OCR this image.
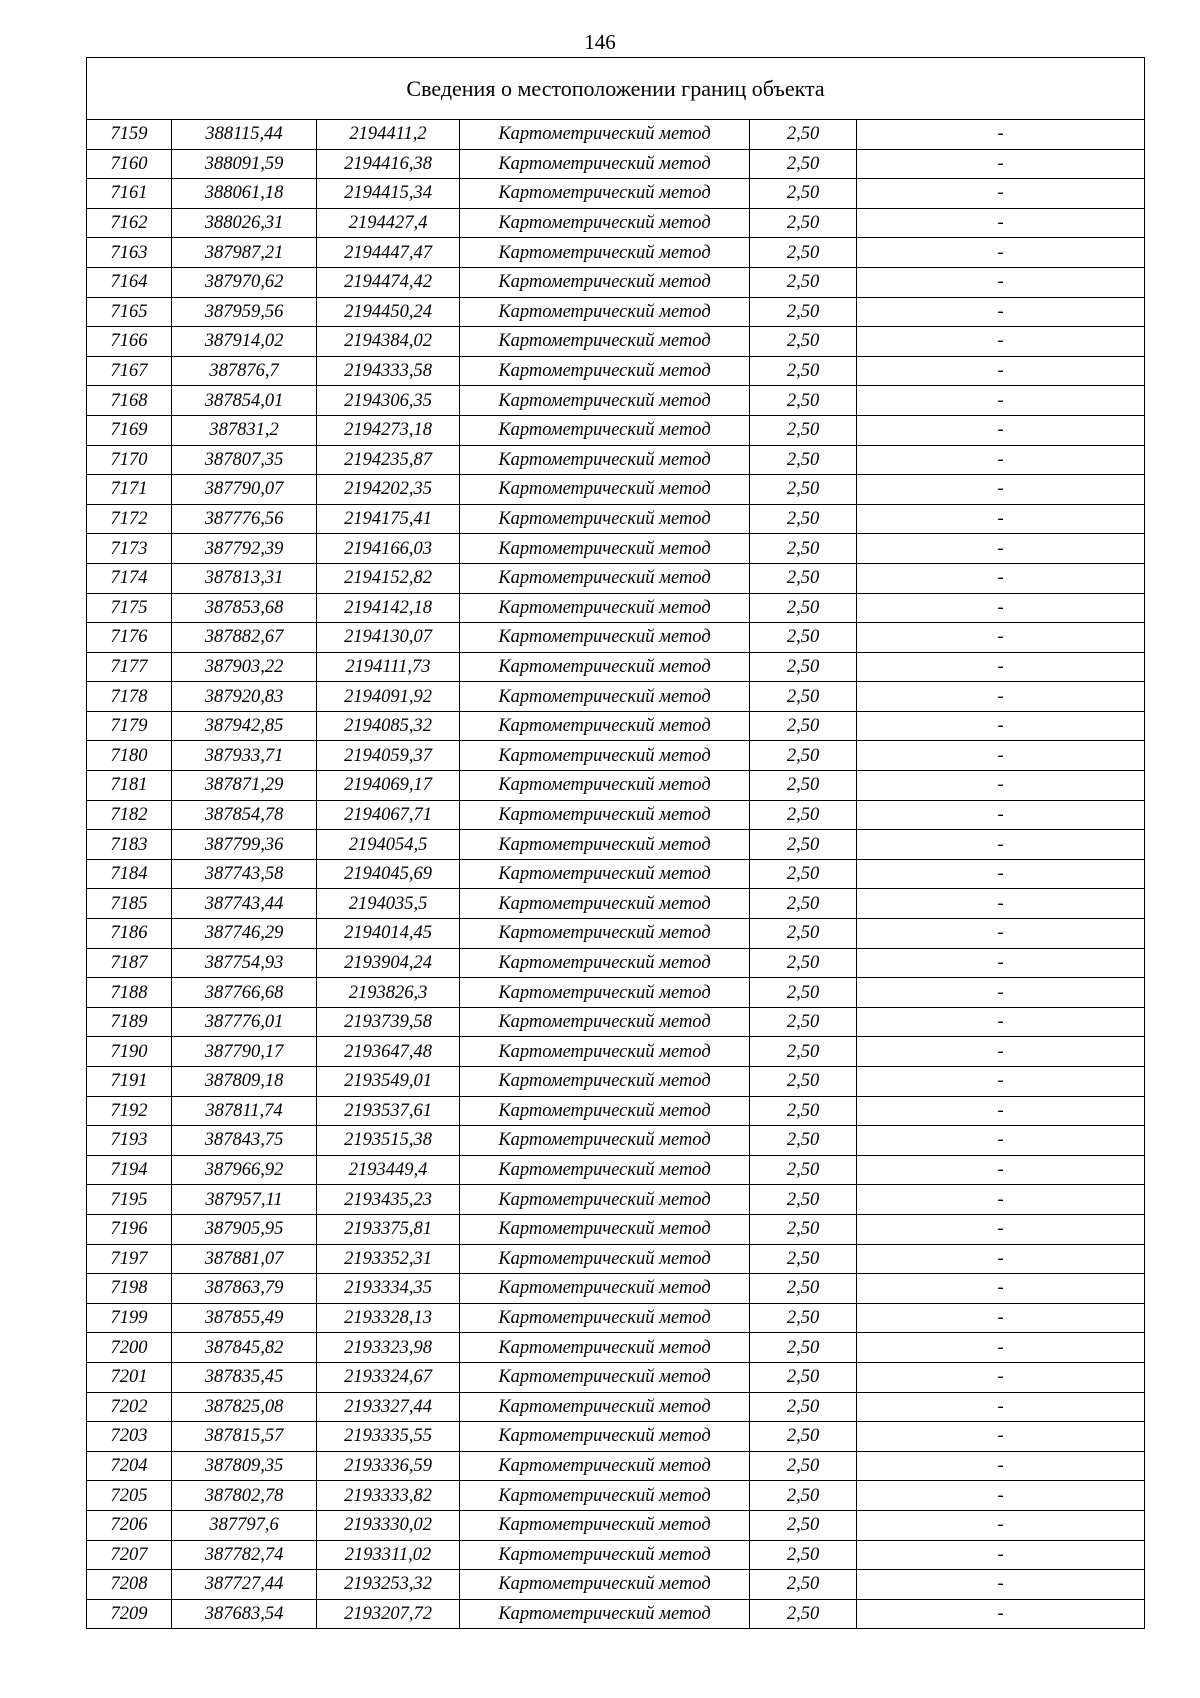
146
Сведения о местоположении границ объекта					
7159	388115,44	2194411,2	Картометрический метод	2,50	-
7160	388091,59	2194416,38	Картометрический метод	2,50	-
7161	388061,18	2194415,34	Картометрический метод	2,50	-
7162	388026,31	2194427,4	Картометрический метод	2,50	-
7163	387987,21	2194447,47	Картометрический метод	2,50	-
7164	387970,62	2194474,42	Картометрический метод	2,50	-
7165	387959,56	2194450,24	Картометрический метод	2,50	-
7166	387914,02	2194384,02	Картометрический метод	2,50	-
7167	387876,7	2194333,58	Картометрический метод	2,50	-
7168	387854,01	2194306,35	Картометрический метод	2,50	-
7169	387831,2	2194273,18	Картометрический метод	2,50	-
7170	387807,35	2194235,87	Картометрический метод	2,50	-
7171	387790,07	2194202,35	Картометрический метод	2,50	-
7172	387776,56	2194175,41	Картометрический метод	2,50	-
7173	387792,39	2194166,03	Картометрический метод	2,50	-
7174	387813,31	2194152,82	Картометрический метод	2,50	-
7175	387853,68	2194142,18	Картометрический метод	2,50	-
7176	387882,67	2194130,07	Картометрический метод	2,50	-
7177	387903,22	2194111,73	Картометрический метод	2,50	-
7178	387920,83	2194091,92	Картометрический метод	2,50	-
7179	387942,85	2194085,32	Картометрический метод	2,50	-
7180	387933,71	2194059,37	Картометрический метод	2,50	-
7181	387871,29	2194069,17	Картометрический метод	2,50	-
7182	387854,78	2194067,71	Картометрический метод	2,50	-
7183	387799,36	2194054,5	Картометрический метод	2,50	-
7184	387743,58	2194045,69	Картометрический метод	2,50	-
7185	387743,44	2194035,5	Картометрический метод	2,50	-
7186	387746,29	2194014,45	Картометрический метод	2,50	-
7187	387754,93	2193904,24	Картометрический метод	2,50	-
7188	387766,68	2193826,3	Картометрический метод	2,50	-
7189	387776,01	2193739,58	Картометрический метод	2,50	-
7190	387790,17	2193647,48	Картометрический метод	2,50	-
7191	387809,18	2193549,01	Картометрический метод	2,50	-
7192	387811,74	2193537,61	Картометрический метод	2,50	-
7193	387843,75	2193515,38	Картометрический метод	2,50	-
7194	387966,92	2193449,4	Картометрический метод	2,50	-
7195	387957,11	2193435,23	Картометрический метод	2,50	-
7196	387905,95	2193375,81	Картометрический метод	2,50	-
7197	387881,07	2193352,31	Картометрический метод	2,50	-
7198	387863,79	2193334,35	Картометрический метод	2,50	-
7199	387855,49	2193328,13	Картометрический метод	2,50	-
7200	387845,82	2193323,98	Картометрический метод	2,50	-
7201	387835,45	2193324,67	Картометрический метод	2,50	-
7202	387825,08	2193327,44	Картометрический метод	2,50	-
7203	387815,57	2193335,55	Картометрический метод	2,50	-
7204	387809,35	2193336,59	Картометрический метод	2,50	-
7205	387802,78	2193333,82	Картометрический метод	2,50	-
7206	387797,6	2193330,02	Картометрический метод	2,50	-
7207	387782,74	2193311,02	Картометрический метод	2,50	-
7208	387727,44	2193253,32	Картометрический метод	2,50	-
7209	387683,54	2193207,72	Картометрический метод	2,50	-
